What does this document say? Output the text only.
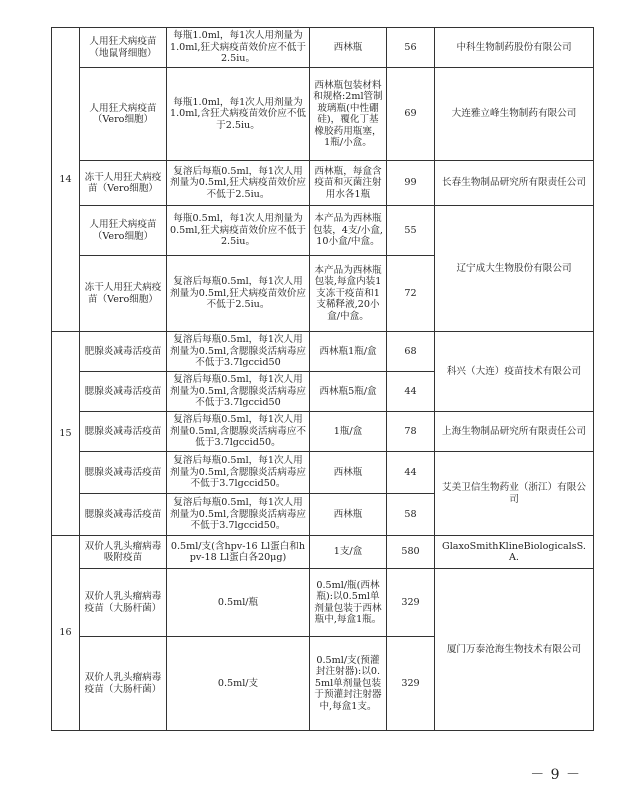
14	人用狂犬病疫苗（地鼠肾细胞）	每瓶1.0ml，每1次人用剂量为1.0ml,狂犬病疫苗效价应不低于2.5iu。	西林瓶	56	中科生物制药股份有限公司
	人用狂犬病疫苗（Vero细胞）	每瓶1.0ml，每1次人用剂量为1.0ml,含狂犬病疫苗效价应不低于2.5iu。	西林瓶包装材料和规格:2ml管制玻璃瓶(中性硼硅)，覆化丁基橡胶药用瓶塞，1瓶/小盒。	69	大连雅立峰生物制药有限公司
	冻干人用狂犬病疫苗（Vero细胞）	复溶后每瓶0.5ml，每1次人用剂量为0.5ml,狂犬病疫苗效价应不低于2.5iu。	西林瓶，每盒含疫苗和灭菌注射用水各1瓶	99	长春生物制品研究所有限责任公司
	人用狂犬病疫苗（Vero细胞）	每瓶0.5ml，每1次人用剂量为0.5ml,狂犬病疫苗效价应不低于2.5iu。	本产品为西林瓶包装，4支/小盒,10小盒/中盒。	55	辽宁成大生物股份有限公司
	冻干人用狂犬病疫苗（Vero细胞）	复溶后每瓶0.5ml，每1次人用剂量为0.5ml,狂犬病疫苗效价应不低于2.5iu。	本产品为西林瓶包装,每盒内装1支冻干疫苗和1支稀释液,20小盒/中盒。	72	
15	肥腺炎减毒活疫苗	复溶后每瓶0.5ml，每1次人用剂量为0.5ml,含腮腺炎活病毒应不低于3.7lgccid50	西林瓶1瓶/盒	68	科兴（大连）疫苗技术有限公司
	腮腺炎减毒活疫苗	复溶后每瓶0.5ml，每1次人用剂量为0.5ml,含腮腺炎活病毒应不低于3.7lgccid50	西林瓶5瓶/盒	44	
	腮腺炎减毒活疫苗	复溶后每瓶0.5ml，每1次人用剂量0.5ml,含腮腺炎活病毒应不低于3.7lgccid50。	1瓶/盒	78	上海生物制品研究所有限责任公司
	腮腺炎减毒活疫苗	复溶后每瓶0.5ml，每1次人用剂量为0.5ml,含腮腺炎活病毒应不低于3.7lgccid50。	西林瓶	44	艾美卫信生物药业（浙江）有限公司
	腮腺炎减毒活疫苗	复溶后每瓶0.5ml，每1次人用剂量为0.5ml,含腮腺炎活病毒应不低于3.7lgccid50。	西林瓶	58	
16	双价人乳头瘤病毒吸附疫苗	0.5ml/支(含hpv-16 Ll蛋白和hpv-18 Ll蛋白各20μg)	1支/盒	580	GlaxoSmithKlineBiologicalsS.A.
	双价人乳头瘤病毒疫苗（大肠杆菌）	0.5ml/瓶	0.5ml/瓶(西林瓶):以0.5ml单剂量包装于西林瓶中,每盒1瓶。	329	厦门万泰沧海生物技术有限公司
	双价人乳头瘤病毒疫苗（大肠杆菌）	0.5ml/支	0.5ml/支(预灌封注射器):以0.5ml单剂量包装于预灌封注射器中,每盒1支。	329	
－ 9 －
